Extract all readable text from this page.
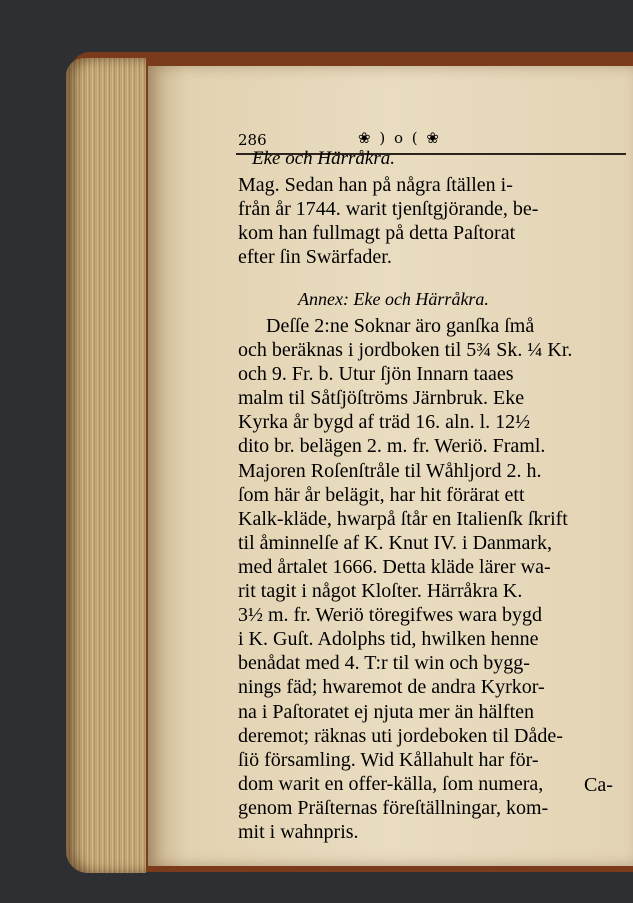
286	❀ ) o ( ❀
Eke och Härråkra.
Mag. Sedan han på några ſtällen i-
från år 1744. warit tjenſtgjörande, be-
kom han fullmagt på detta Paſtorat
efter ſin Swärfader.
Annex: Eke och Härråkra.
Deſſe 2:ne Soknar äro ganſka ſmå
och beräknas i jordboken til 5¾ Sk. ¼ Kr.
och 9. Fr. b. Utur ſjön Innarn taaes
malm til Såtſjöſtröms Järnbruk. Eke
Kyrka år bygd af träd 16. aln. l. 12½
dito br. belägen 2. m. fr. Weriö. Framl.
Majoren Roſenſtråle til Wåhljord 2. h.
ſom här år belägit, har hit förärat ett
Kalk-kläde, hwarpå ſtår en Italienſk ſkrift
til åminnelſe af K. Knut IV. i Danmark,
med årtalet 1666. Detta kläde lärer wa-
rit tagit i något Kloſter. Härråkra K.
3½ m. fr. Weriö töregifwes wara bygd
i K. Guſt. Adolphs tid, hwilken henne
benådat med 4. T:r til win och bygg-
nings fäd; hwaremot de andra Kyrkor-
na i Paſtoratet ej njuta mer än hälften
deremot; räknas uti jordeboken til Dåde-
ſiö församling. Wid Kållahult har för-
dom warit en offer-källa, ſom numera,
genom Präſternas föreſtällningar, kom-
mit i wahnpris.
Ca-
